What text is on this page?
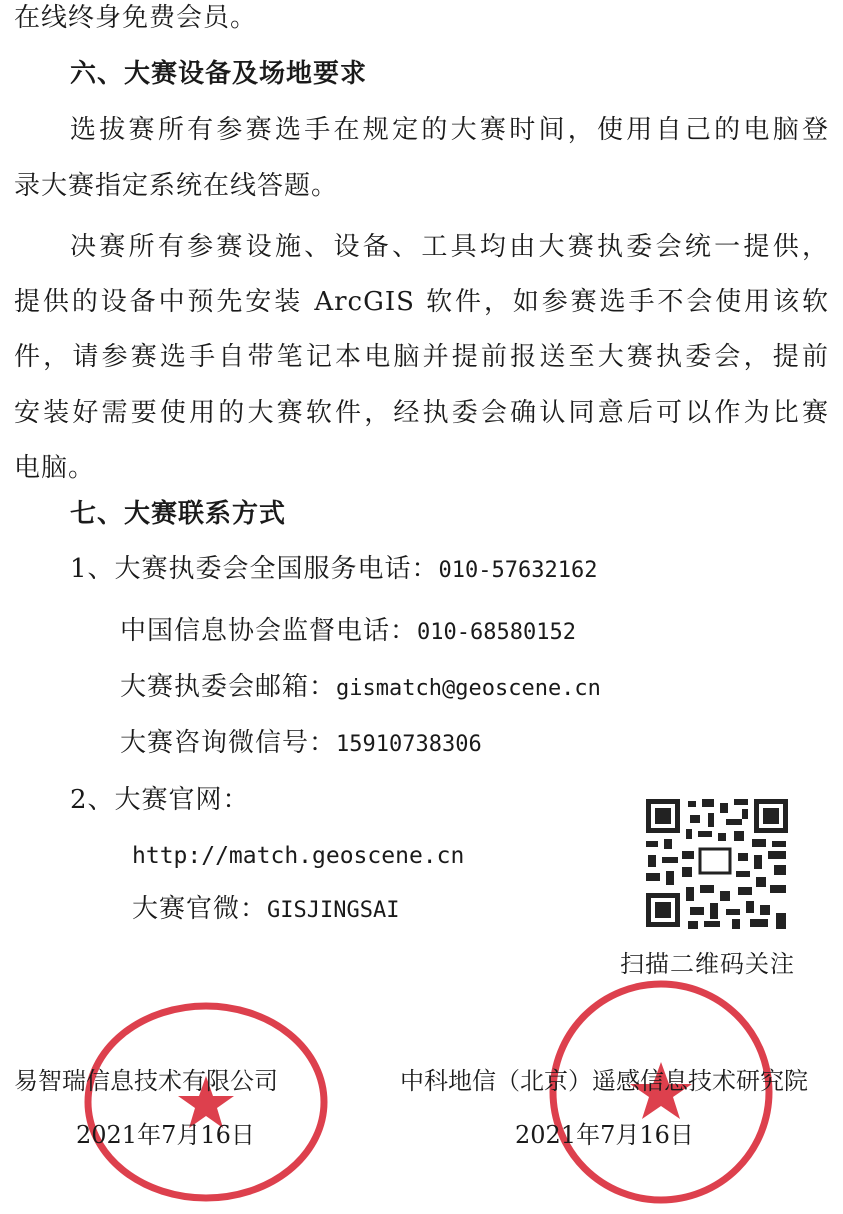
在线终身免费会员。
六、大赛设备及场地要求
选拔赛所有参赛选手在规定的大赛时间，使用自己的电脑登
录大赛指定系统在线答题。
决赛所有参赛设施、设备、工具均由大赛执委会统一提供，
提供的设备中预先安装 ArcGIS 软件，如参赛选手不会使用该软
件，请参赛选手自带笔记本电脑并提前报送至大赛执委会，提前
安装好需要使用的大赛软件，经执委会确认同意后可以作为比赛
电脑。
七、大赛联系方式
1、大赛执委会全国服务电话：010-57632162
中国信息协会监督电话：010-68580152
大赛执委会邮箱：gismatch@geoscene.cn
大赛咨询微信号：15910738306
2、大赛官网：
http://match.geoscene.cn
大赛官微：GISJINGSAI
扫描二维码关注
易智瑞信息技术有限公司
2021年7月16日
中科地信（北京）遥感信息技术研究院
2021年7月16日
